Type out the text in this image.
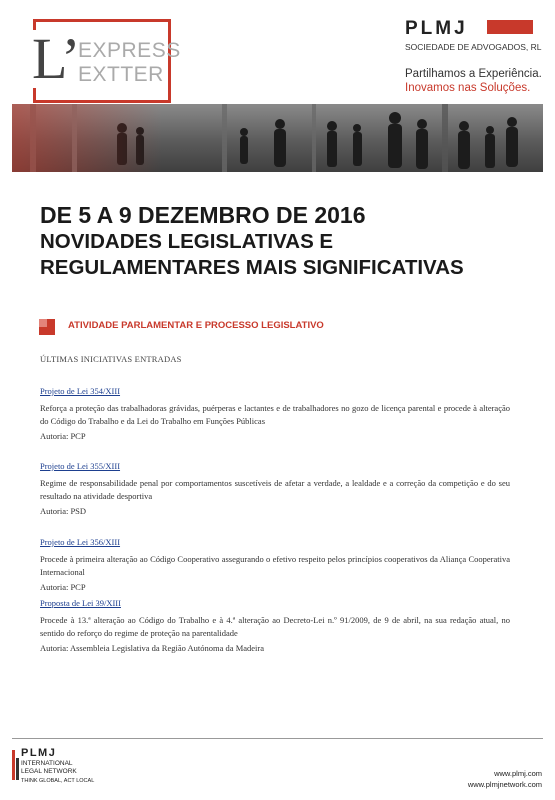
L’
EXPRESS
EXTTER
PLMJ
SOCIEDADE DE ADVOGADOS, RL
Partilhamos a Experiência.
Inovamos nas Soluções.
DE 5 A 9 DEZEMBRO DE 2016
NOVIDADES LEGISLATIVAS E
REGULAMENTARES MAIS SIGNIFICATIVAS
ATIVIDADE PARLAMENTAR E PROCESSO LEGISLATIVO
ÚLTIMAS INICIATIVAS ENTRADAS
Projeto de Lei 354/XIII
Reforça a proteção das trabalhadoras grávidas, puérperas e lactantes e de trabalhadores no gozo de licença parental e procede à alteração do Código do Trabalho e da Lei do Trabalho em Funções Públicas
Autoria: PCP
Projeto de Lei 355/XIII
Regime de responsabilidade penal por comportamentos suscetíveis de afetar a verdade, a lealdade e a correção da competição e do seu resultado na atividade desportiva
Autoria: PSD
Projeto de Lei 356/XIII
Procede à primeira alteração ao Código Cooperativo assegurando o efetivo respeito pelos princípios cooperativos da Aliança Cooperativa Internacional
Autoria: PCP
Proposta de Lei 39/XIII
Procede à 13.ª alteração ao Código do Trabalho e à 4.ª alteração ao Decreto-Lei n.º 91/2009, de 9 de abril, na sua redação atual, no sentido do reforço do regime de proteção na parentalidade
Autoria: Assembleia Legislativa da Região Autónoma da Madeira
PLMJ
INTERNATIONAL
LEGAL NETWORK
THINK GLOBAL, ACT LOCAL
www.plmj.com
www.plmjnetwork.com
